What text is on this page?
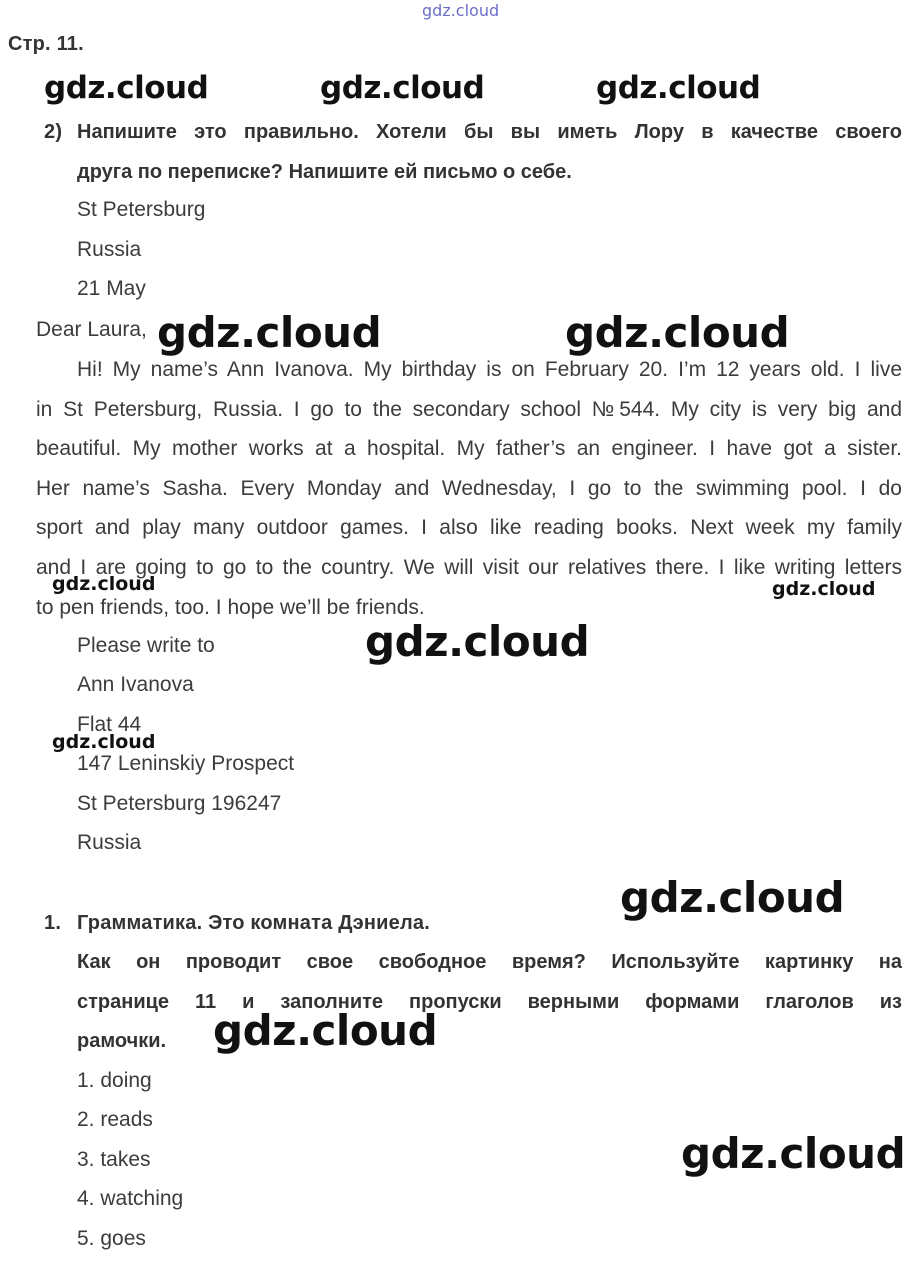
gdz.cloud
Стр. 11.
gdz.cloud	gdz.cloud	gdz.cloud
2) Напишите это правильно. Хотели бы вы иметь Лору в качестве своего
друга по переписке? Напишите ей письмо о себе.
St Petersburg
Russia
21 May
Dear Laura, gdz.cloud	gdz.cloud
Hi! My name’s Ann Ivanova. My birthday is on February 20. I’m 12 years old. I live
in St Petersburg, Russia. I go to the secondary school №544. My city is very big and
beautiful. My mother works at a hospital. My father’s an engineer. I have got a sister.
Her name’s Sasha. Every Monday and Wednesday, I go to the swimming pool. I do
sport and play many outdoor games. I also like reading books. Next week my family
and I are going to go to the country. We will visit our relatives there. I like writing letters
to pen friends, too. I hope we’ll be friends.
gdz.cloud	gdz.cloud
gdz.cloud
Please write to
Ann Ivanova
Flat 44
gdz.cloud
147 Leninskiy Prospect
St Petersburg 196247
Russia
gdz.cloud
1. Грамматика. Это комната Дэниела.
Как он проводит свое свободное время? Используйте картинку на
странице 11 и заполните пропуски верными формами глаголов из
рамочки.	gdz.cloud
1. doing
2. reads
3. takes	gdz.cloud
4. watching
5. goes
